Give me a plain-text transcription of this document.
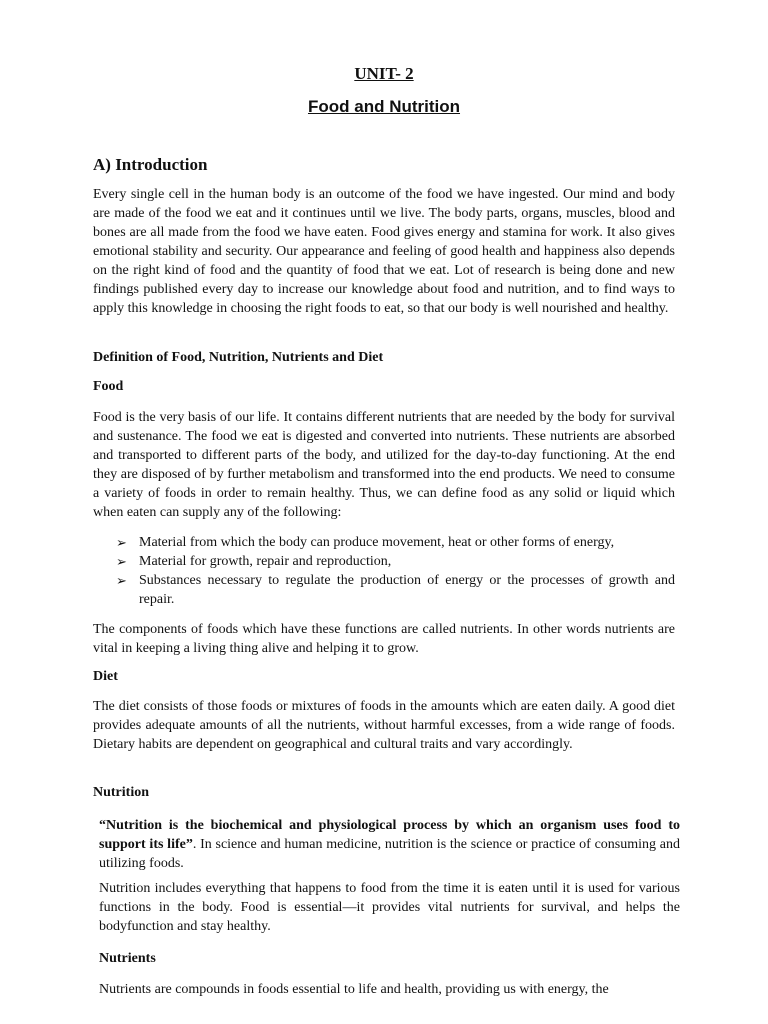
UNIT- 2

Food and Nutrition

A) Introduction

Every single cell in the human body is an outcome of the food we have ingested. Our mind and body are made of the food we eat and it continues until we live. The body parts, organs, muscles, blood and bones are all made from the food we have eaten. Food gives energy and stamina for work. It also gives emotional stability and security. Our appearance and feeling of good health and happiness also depends on the right kind of food and the quantity of food that we eat. Lot of research is being done and new findings published every day to increase our knowledge about food and nutrition, and to find ways to apply this knowledge in choosing the right foods to eat, so that our body is well nourished and healthy.

Definition of Food, Nutrition, Nutrients and Diet

Food

Food is the very basis of our life. It contains different nutrients that are needed by the body for survival and sustenance. The food we eat is digested and converted into nutrients. These nutrients are absorbed and transported to different parts of the body, and utilized for the day-to-day functioning. At the end they are disposed of by further metabolism and transformed into the end products. We need to consume a variety of foods in order to remain healthy. Thus, we can define food as any solid or liquid which when eaten can supply any of the following:

➢ Material from which the body can produce movement, heat or other forms of energy,

➢ Material for growth, repair and reproduction,

➢ Substances necessary to regulate the production of energy or the processes of growth and repair.

The components of foods which have these functions are called nutrients. In other words nutrients are vital in keeping a living thing alive and helping it to grow.

Diet

The diet consists of those foods or mixtures of foods in the amounts which are eaten daily. A good diet provides adequate amounts of all the nutrients, without harmful excesses, from a wide range of foods. Dietary habits are dependent on geographical and cultural traits and vary accordingly.

Nutrition

“Nutrition is the biochemical and physiological process by which an organism uses food to support its life”. In science and human medicine, nutrition is the science or practice of consuming and utilizing foods.

Nutrition includes everything that happens to food from the time it is eaten until it is used for various functions in the body. Food is essential—it provides vital nutrients for survival, and helps the bodyfunction and stay healthy.

Nutrients

Nutrients are compounds in foods essential to life and health, providing us with energy, the
